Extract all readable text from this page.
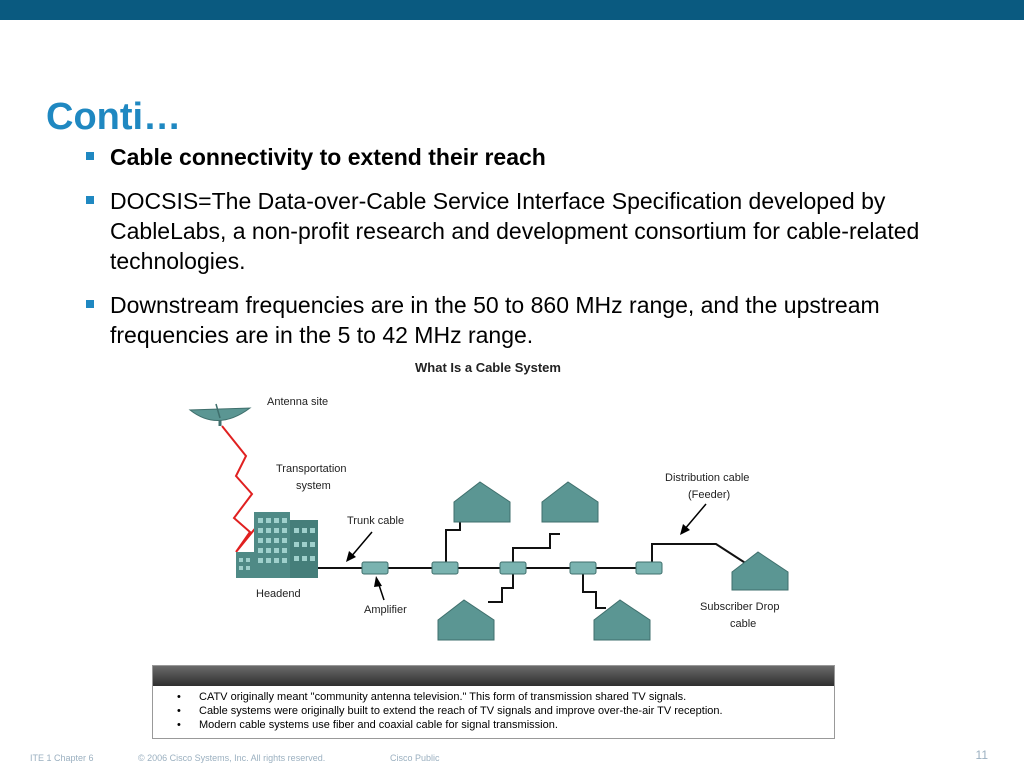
Conti…
Cable connectivity to extend their reach
DOCSIS=The Data-over-Cable Service Interface Specification developed by CableLabs, a non-profit research and development consortium for cable-related technologies.
Downstream frequencies are in the 50 to 860 MHz range, and the upstream frequencies are in the 5 to 42 MHz range.
What Is a Cable System
Antenna site
Transportation
system
Headend
Trunk cable
Amplifier
Distribution cable
(Feeder)
Subscriber Drop
cable
• CATV originally meant "community antenna television." This form of transmission shared TV signals.
• Cable systems were originally built to extend the reach of TV signals and improve over-the-air TV reception.
• Modern cable systems use fiber and coaxial cable for signal transmission.
ITE 1 Chapter 6	© 2006 Cisco Systems, Inc. All rights reserved.	Cisco Public	11
